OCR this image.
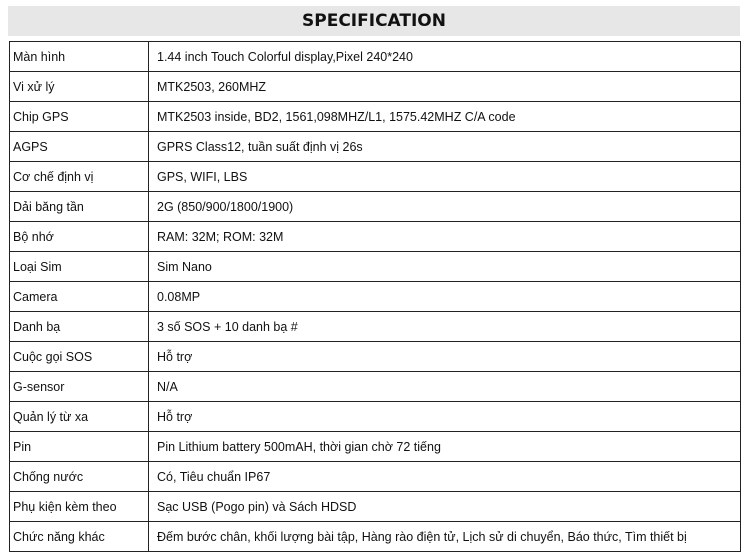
SPECIFICATION
Màn hình	1.44 inch Touch Colorful display,Pixel 240*240
Vi xử lý	MTK2503, 260MHZ
Chip GPS	MTK2503 inside, BD2, 1561,098MHZ/L1, 1575.42MHZ C/A code
AGPS	GPRS Class12, tuần suất định vị 26s
Cơ chế định vị	GPS, WIFI, LBS
Dải băng tần	2G (850/900/1800/1900)
Bộ nhớ	RAM: 32M; ROM: 32M
Loại Sim	Sim Nano
Camera	0.08MP
Danh bạ	3 số SOS + 10 danh bạ #
Cuộc gọi SOS	Hỗ trợ
G-sensor	N/A
Quản lý từ xa	Hỗ trợ
Pin	Pin Lithium battery 500mAH, thời gian chờ 72 tiếng
Chống nước	Có, Tiêu chuẩn IP67
Phụ kiện kèm theo	Sạc USB (Pogo pin) và Sách HDSD
Chức năng khác	Đếm bước chân, khối lượng bài tập, Hàng rào điện tử, Lịch sử di chuyển, Báo thức, Tìm thiết bị
